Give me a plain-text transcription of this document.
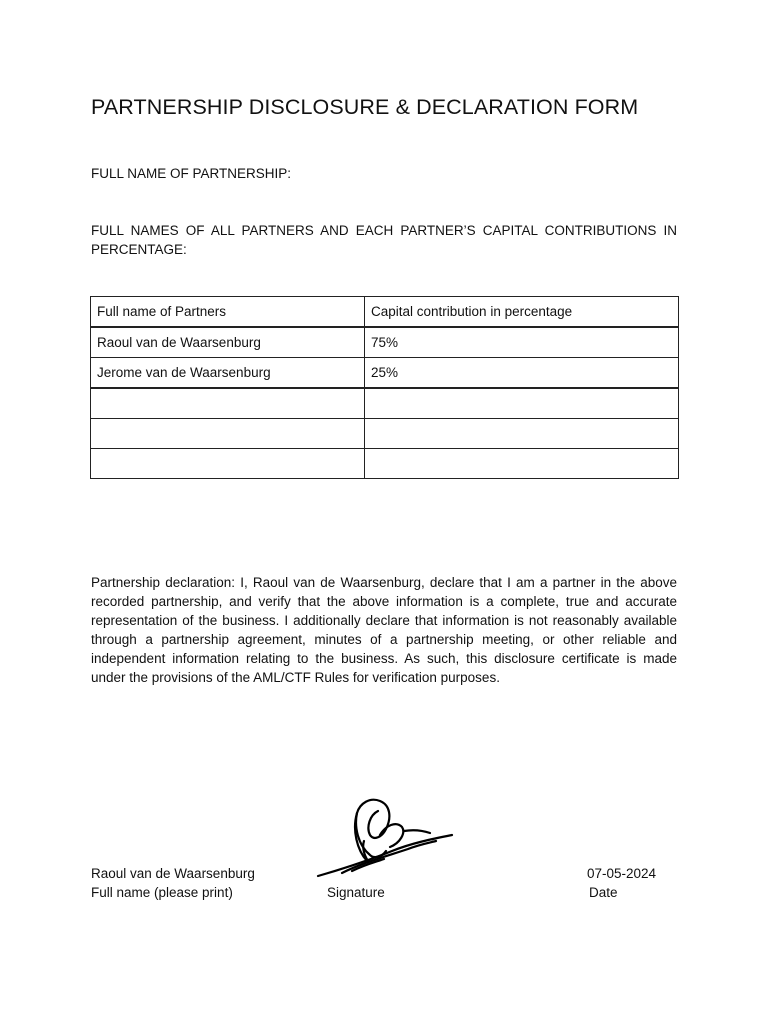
PARTNERSHIP DISCLOSURE & DECLARATION FORM

FULL NAME OF PARTNERSHIP:

FULL NAMES OF ALL PARTNERS AND EACH PARTNER’S CAPITAL CONTRIBUTIONS IN PERCENTAGE:

Full name of Partners	Capital contribution in percentage
Raoul van de Waarsenburg	75%
Jerome van de Waarsenburg	25%

Partnership declaration: I, Raoul van de Waarsenburg, declare that I am a partner in the above recorded partnership, and verify that the above information is a complete, true and accurate representation of the business. I additionally declare that information is not reasonably available through a partnership agreement, minutes of a partnership meeting, or other reliable and independent information relating to the business. As such, this disclosure certificate is made under the provisions of the AML/CTF Rules for verification purposes.

Raoul van de Waarsenburg
Full name (please print)	Signature
07-05-2024
Date
